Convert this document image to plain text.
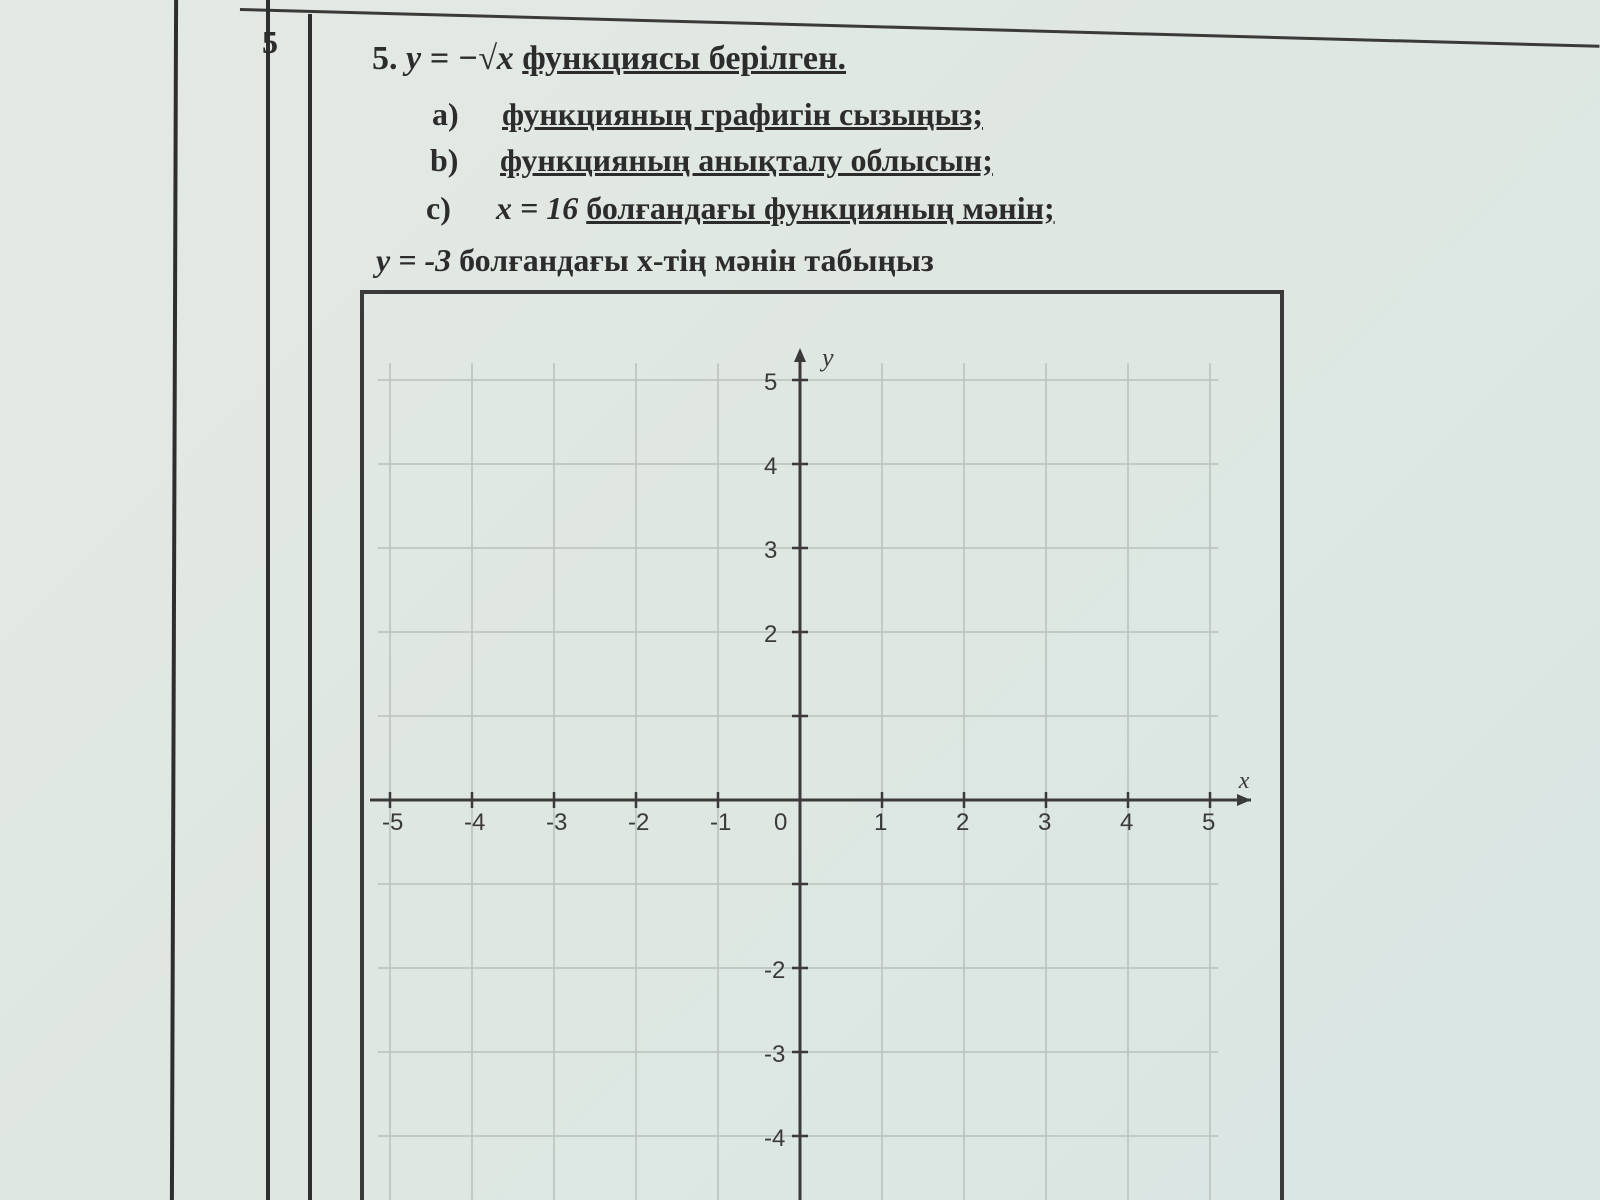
5	5. y = −√x функциясы берілген.
a) функцияның графигін сызыңыз;
b) функцияның анықталу облысын;
c) x = 16 болғандағы функцияның мәнін;
y = -3 болғандағы x-тің мәнін табыңыз
x
y
-5	-4	-3	-2	-1 0	1	2	3	4	5
5
4
3
2
-2
-3
-4
